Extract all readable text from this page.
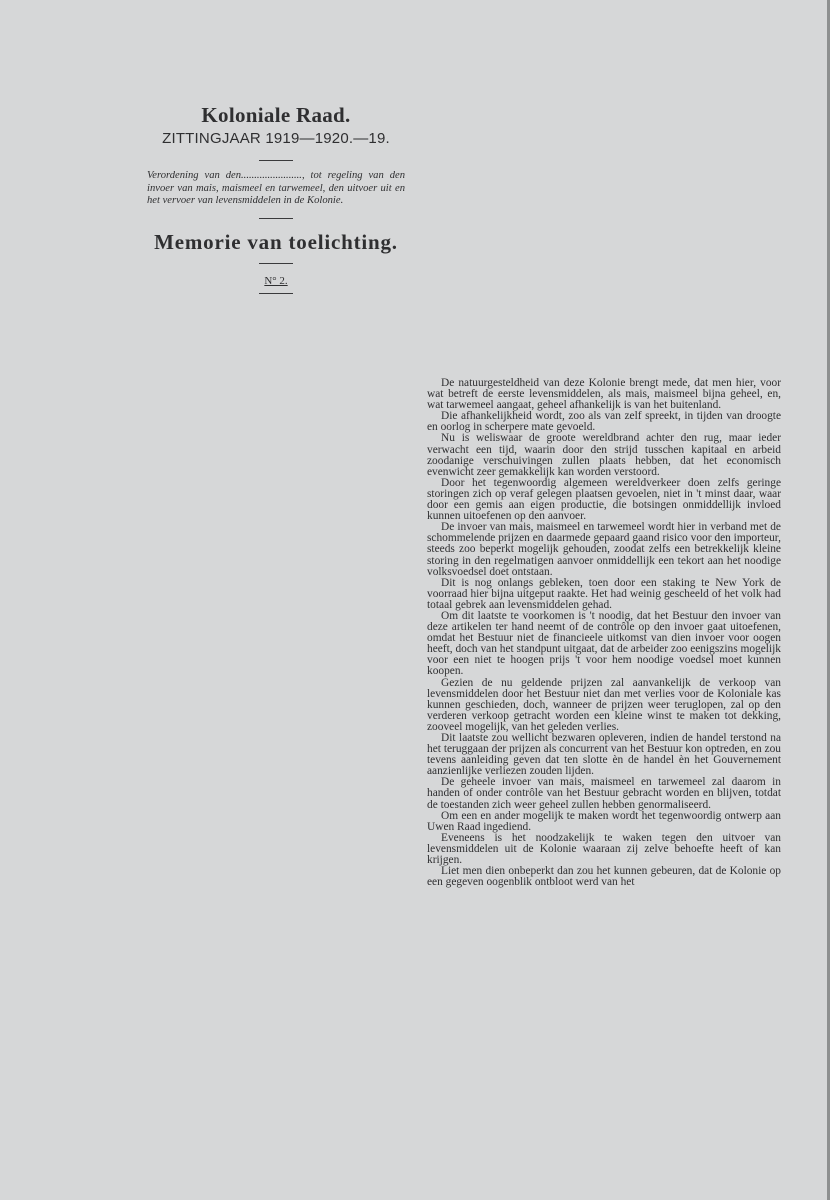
Koloniale Raad.

ZITTINGJAAR 1919—1920.—19.

Verordening van den......................., tot regeling van den invoer van mais, maismeel en tarwemeel, den uitvoer uit en het vervoer van levensmiddelen in de Kolonie.

Memorie van toelichting.

N° 2.

De natuurgesteldheid van deze Kolonie brengt mede, dat men hier, voor wat betreft de eerste levensmiddelen, als mais, maismeel bijna geheel, en, wat tarwemeel aangaat, geheel afhankelijk is van het buitenland.

Die afhankelijkheid wordt, zoo als van zelf spreekt, in tijden van droogte en oorlog in scherpere mate gevoeld.

Nu is weliswaar de groote wereldbrand achter den rug, maar ieder verwacht een tijd, waarin door den strijd tusschen kapitaal en arbeid zoodanige verschuivingen zullen plaats hebben, dat het economisch evenwicht zeer gemakkelijk kan worden verstoord.

Door het tegenwoordig algemeen wereldverkeer doen zelfs geringe storingen zich op veraf gelegen plaatsen gevoelen, niet in 't minst daar, waar door een gemis aan eigen productie, die botsingen onmiddellijk invloed kunnen uitoefenen op den aanvoer.

De invoer van mais, maismeel en tarwemeel wordt hier in verband met de schommelende prijzen en daarmede gepaard gaand risico voor den importeur, steeds zoo beperkt mogelijk gehouden, zoodat zelfs een betrekkelijk kleine storing in den regelmatigen aanvoer onmiddellijk een tekort aan het noodige volksvoedsel doet ontstaan.

Dit is nog onlangs gebleken, toen door een staking te New York de voorraad hier bijna uitgeput raakte. Het had weinig gescheeld of het volk had totaal gebrek aan levensmiddelen gehad.

Om dit laatste te voorkomen is 't noodig, dat het Bestuur den invoer van deze artikelen ter hand neemt of de contrôle op den invoer gaat uitoefenen, omdat het Bestuur niet de financieele uitkomst van dien invoer voor oogen heeft, doch van het standpunt uitgaat, dat de arbeider zoo eenigszins mogelijk voor een niet te hoogen prijs 't voor hem noodige voedsel moet kunnen koopen.

Gezien de nu geldende prijzen zal aanvankelijk de verkoop van levensmiddelen door het Bestuur niet dan met verlies voor de Koloniale kas kunnen geschieden, doch, wanneer de prijzen weer teruglopen, zal op den verderen verkoop getracht worden een kleine winst te maken tot dekking, zooveel mogelijk, van het geleden verlies.

Dit laatste zou wellicht bezwaren opleveren, indien de handel terstond na het teruggaan der prijzen als concurrent van het Bestuur kon optreden, en zou tevens aanleiding geven dat ten slotte èn de handel èn het Gouvernement aanzienlijke verliezen zouden lijden.

De geheele invoer van mais, maismeel en tarwemeel zal daarom in handen of onder contrôle van het Bestuur gebracht worden en blijven, totdat de toestanden zich weer geheel zullen hebben genormaliseerd.

Om een en ander mogelijk te maken wordt het tegenwoordig ontwerp aan Uwen Raad ingediend.

Eveneens is het noodzakelijk te waken tegen den uitvoer van levensmiddelen uit de Kolonie waaraan zij zelve behoefte heeft of kan krijgen.

Liet men dien onbeperkt dan zou het kunnen gebeuren, dat de Kolonie op een gegeven oogenblik ontbloot werd van het
